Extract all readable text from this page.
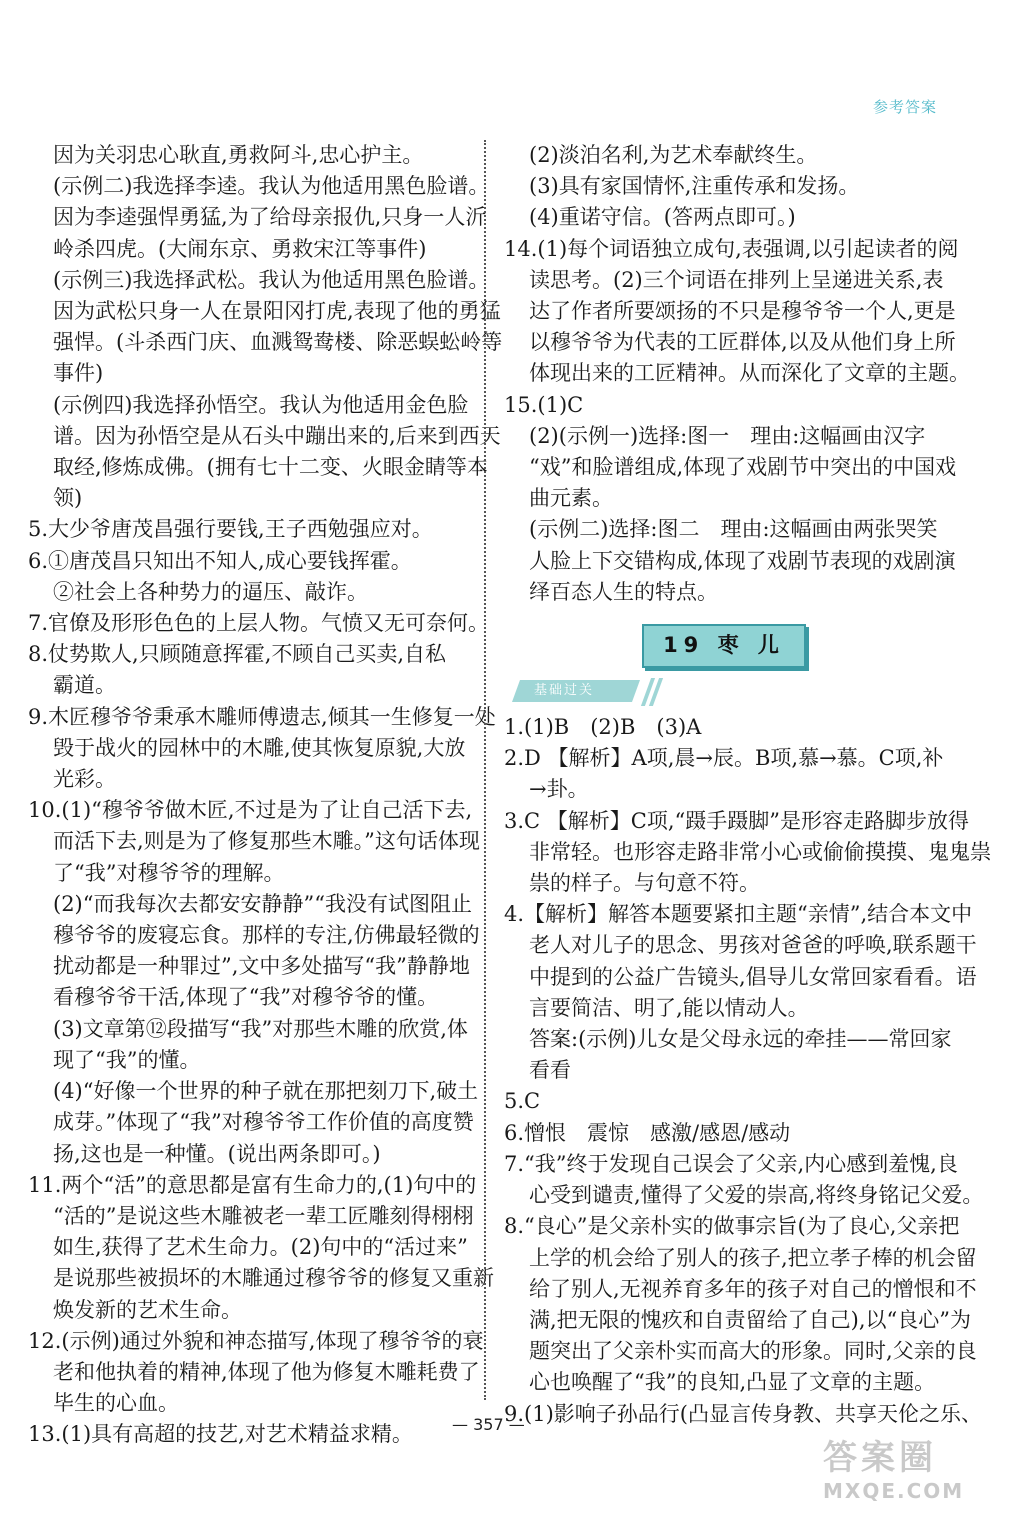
参考答案
因为关羽忠心耿直,勇救阿斗,忠心护主。
(示例二)我选择李逵。我认为他适用黑色脸谱。
因为李逵强悍勇猛,为了给母亲报仇,只身一人沂
岭杀四虎。(大闹东京、勇救宋江等事件)
(示例三)我选择武松。我认为他适用黑色脸谱。
因为武松只身一人在景阳冈打虎,表现了他的勇猛
强悍。(斗杀西门庆、血溅鸳鸯楼、除恶蜈蚣岭等
事件)
(示例四)我选择孙悟空。我认为他适用金色脸
谱。因为孙悟空是从石头中蹦出来的,后来到西天
取经,修炼成佛。(拥有七十二变、火眼金睛等本
领)
5.大少爷唐茂昌强行要钱,王子西勉强应对。
6.①唐茂昌只知出不知人,成心要钱挥霍。
②社会上各种势力的逼压、敲诈。
7.官僚及形形色色的上层人物。气愤又无可奈何。
8.仗势欺人,只顾随意挥霍,不顾自己买卖,自私
霸道。
9.木匠穆爷爷秉承木雕师傅遗志,倾其一生修复一处
毁于战火的园林中的木雕,使其恢复原貌,大放
光彩。
10.(1)“穆爷爷做木匠,不过是为了让自己活下去,
而活下去,则是为了修复那些木雕。”这句话体现
了“我”对穆爷爷的理解。
(2)“而我每次去都安安静静”“我没有试图阻止
穆爷爷的废寝忘食。那样的专注,仿佛最轻微的
扰动都是一种罪过”,文中多处描写“我”静静地
看穆爷爷干活,体现了“我”对穆爷爷的懂。
(3)文章第⑫段描写“我”对那些木雕的欣赏,体
现了“我”的懂。
(4)“好像一个世界的种子就在那把刻刀下,破土
成芽。”体现了“我”对穆爷爷工作价值的高度赞
扬,这也是一种懂。(说出两条即可。)
11.两个“活”的意思都是富有生命力的,(1)句中的
“活的”是说这些木雕被老一辈工匠雕刻得栩栩
如生,获得了艺术生命力。(2)句中的“活过来”
是说那些被损坏的木雕通过穆爷爷的修复又重新
焕发新的艺术生命。
12.(示例)通过外貌和神态描写,体现了穆爷爷的衰
老和他执着的精神,体现了他为修复木雕耗费了
毕生的心血。
13.(1)具有高超的技艺,对艺术精益求精。
(2)淡泊名利,为艺术奉献终生。
(3)具有家国情怀,注重传承和发扬。
(4)重诺守信。(答两点即可。)
14.(1)每个词语独立成句,表强调,以引起读者的阅
读思考。(2)三个词语在排列上呈递进关系,表
达了作者所要颂扬的不只是穆爷爷一个人,更是
以穆爷爷为代表的工匠群体,以及从他们身上所
体现出来的工匠精神。从而深化了文章的主题。
15.(1)C
(2)(示例一)选择:图一　理由:这幅画由汉字
“戏”和脸谱组成,体现了戏剧节中突出的中国戏
曲元素。
(示例二)选择:图二　理由:这幅画由两张哭笑
人脸上下交错构成,体现了戏剧节表现的戏剧演
绎百态人生的特点。
19 枣 儿
基础过关
1.(1)B　(2)B　(3)A
2.D 【解析】A项,晨→辰。B项,慕→慕。C项,补
→卦。
3.C 【解析】C项,“蹑手蹑脚”是形容走路脚步放得
非常轻。也形容走路非常小心或偷偷摸摸、鬼鬼祟
祟的样子。与句意不符。
4.【解析】解答本题要紧扣主题“亲情”,结合本文中
老人对儿子的思念、男孩对爸爸的呼唤,联系题干
中提到的公益广告镜头,倡导儿女常回家看看。语
言要简洁、明了,能以情动人。
答案:(示例)儿女是父母永远的牵挂——常回家
看看
5.C
6.憎恨　震惊　感激/感恩/感动
7.“我”终于发现自己误会了父亲,内心感到羞愧,良
心受到谴责,懂得了父爱的崇高,将终身铭记父爱。
8.“良心”是父亲朴实的做事宗旨(为了良心,父亲把
上学的机会给了别人的孩子,把立孝子棒的机会留
给了别人,无视养育多年的孩子对自己的憎恨和不
满,把无限的愧疚和自责留给了自己),以“良心”为
题突出了父亲朴实而高大的形象。同时,父亲的良
心也唤醒了“我”的良知,凸显了文章的主题。
9.(1)影响子孙品行(凸显言传身教、共享天伦之乐、
— 357 —
答案圈
MXQE.COM
